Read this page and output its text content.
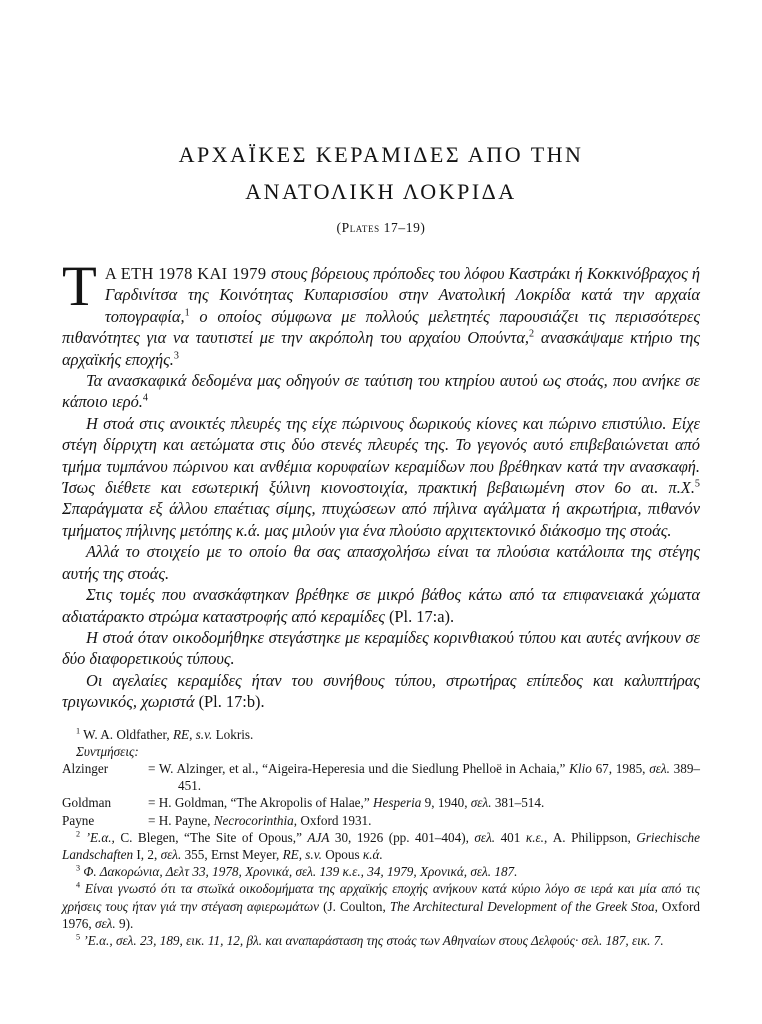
ΑΡΧΑΪΚΕΣ ΚΕΡΑΜΙΔΕΣ ΑΠΟ ΤΗΝ
ΑΝΑΤΟΛΙΚΗ ΛΟΚΡΙΔΑ
(Plates 17–19)

Τ Α ΕΤΗ 1978 ΚΑΙ 1979 στους βόρειους πρόποδες του λόφου Καστράκι ή Κοκκινόβραχος ή Γαρδινίτσα της Κοινότητας Κυπαρισσίου στην Ανατολική Λοκρίδα κατά την αρχαία τοπογραφία,$^1$ ο οποίος σύμφωνα με πολλούς μελετητές παρουσιάζει τις περισσότερες πιθανότητες για να ταυτιστεί με την ακρόπολη του αρχαίου Οπούντα,$^2$ ανασκάψαμε κτήριο της αρχαϊκής εποχής.$^3$

Τα ανασκαφικά δεδομένα μας οδηγούν σε ταύτιση του κτηρίου αυτού ως στοάς, που ανήκε σε κάποιο ιερό.$^4$

Η στοά στις ανοικτές πλευρές της είχε πώρινους δωρικούς κίονες και πώρινο επιστύλιο. Είχε στέγη δίρριχτη και αετώματα στις δύο στενές πλευρές της. Το γεγονός αυτό επιβεβαιώνεται από τμήμα τυμπάνου πώρινου και ανθέμια κορυφαίων κεραμίδων που βρέθηκαν κατά την ανασκαφή. Ίσως διέθετε και εσωτερική ξύλινη κιονοστοιχία, πρακτική βεβαιωμένη στον 6ο αι. π.Χ.$^5$ Σπαράγματα εξ άλλου επαέτιας σίμης, πτυχώσεων από πήλινα αγάλματα ή ακρωτήρια, πιθανόν τμήματος πήλινης μετόπης κ.ά. μας μιλούν για ένα πλούσιο αρχιτεκτονικό διάκοσμο της στοάς.

Αλλά το στοιχείο με το οποίο θα σας απασχολήσω είναι τα πλούσια κατάλοιπα της στέγης αυτής της στοάς.

Στις τομές που ανασκάφτηκαν βρέθηκε σε μικρό βάθος κάτω από τα επιφανειακά χώματα αδιατάρακτο στρώμα καταστροφής από κεραμίδες (Pl. 17:a).

Η στοά όταν οικοδομήθηκε στεγάστηκε με κεραμίδες κορινθιακού τύπου και αυτές ανήκουν σε δύο διαφορετικούς τύπους.

Οι αγελαίες κεραμίδες ήταν του συνήθους τύπου, στρωτήρας επίπεδος και καλυπτήρας τριγωνικός, χωριστά (Pl. 17:b).

$^1$ W. A. Oldfather, RE, s.v. Lokris.

Συντμήσεις:

Alzinger	= W. Alzinger, et al., “Aigeira-Heperesia und die Siedlung Phelloë in Achaia,” Klio 67, 1985, σελ. 389–451.
Goldman	= H. Goldman, “The Akropolis of Halae,” Hesperia 9, 1940, σελ. 381–514.
Payne	= H. Payne, Necrocorinthia, Oxford 1931.

$^2$ ’Ε.α., C. Blegen, “The Site of Opous,” AJA 30, 1926 (pp. 401–404), σελ. 401 κ.ε., A. Philippson, Griechische Landschaften I, 2, σελ. 355, Ernst Meyer, RE, s.v. Opous κ.ά.

$^3$ Φ. Δακορώνια, Δελτ 33, 1978, Χρονικά, σελ. 139 κ.ε., 34, 1979, Χρονικά, σελ. 187.

$^4$ Είναι γνωστό ότι τα στωϊκά οικοδομήματα της αρχαϊκής εποχής ανήκουν κατά κύριο λόγο σε ιερά και μία από τις χρήσεις τους ήταν γιά την στέγαση αφιερωμάτων (J. Coulton, The Architectural Development of the Greek Stoa, Oxford 1976, σελ. 9).

$^5$ ’Ε.α., σελ. 23, 189, εικ. 11, 12, βλ. και αναπαράσταση της στοάς των Αθηναίων στους Δελφούς· σελ. 187, εικ. 7.
